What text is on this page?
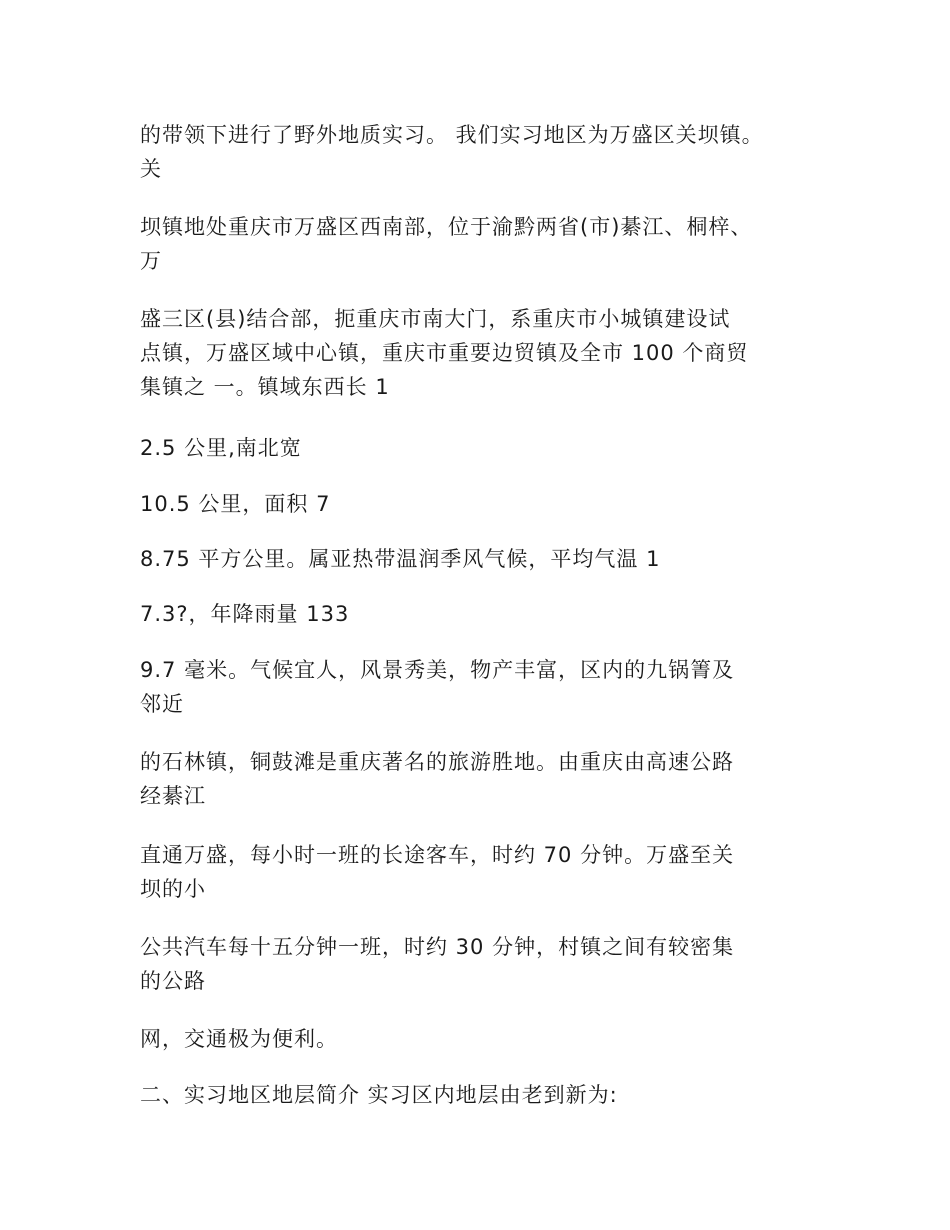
的带领下进行了野外地质实习。 我们实习地区为万盛区关坝镇。
关
坝镇地处重庆市万盛区西南部，位于渝黔两省(市)綦江、桐梓、
万
盛三区(县)结合部，扼重庆市南大门，系重庆市小城镇建设试
点镇，万盛区域中心镇，重庆市重要边贸镇及全市 100 个商贸
集镇之 一。镇域东西长 1
2.5 公里,南北宽
10.5 公里，面积 7
8.75 平方公里。属亚热带温润季风气候，平均气温 1
7.3?，年降雨量 133
9.7 毫米。气候宜人，风景秀美，物产丰富，区内的九锅箐及
邻近
的石林镇，铜鼓滩是重庆著名的旅游胜地。由重庆由高速公路
经綦江
直通万盛，每小时一班的长途客车，时约 70 分钟。万盛至关
坝的小
公共汽车每十五分钟一班，时约 30 分钟，村镇之间有较密集
的公路
网，交通极为便利。
二、实习地区地层简介 实习区内地层由老到新为:
